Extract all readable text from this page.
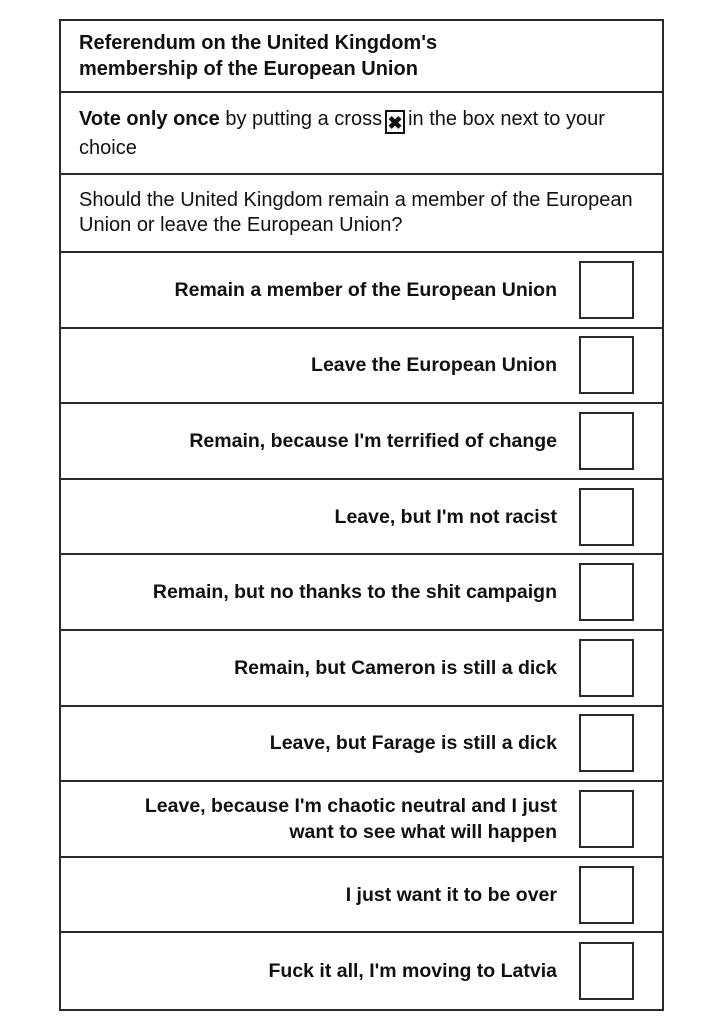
Referendum on the United Kingdom's membership of the European Union
Vote only once by putting a cross ✖ in the box next to your choice
Should the United Kingdom remain a member of the European Union or leave the European Union?
Remain a member of the European Union
Leave the European Union
Remain, because I'm terrified of change
Leave, but I'm not racist
Remain, but no thanks to the shit campaign
Remain, but Cameron is still a dick
Leave, but Farage is still a dick
Leave, because I'm chaotic neutral and I just want to see what will happen
I just want it to be over
Fuck it all, I'm moving to Latvia
